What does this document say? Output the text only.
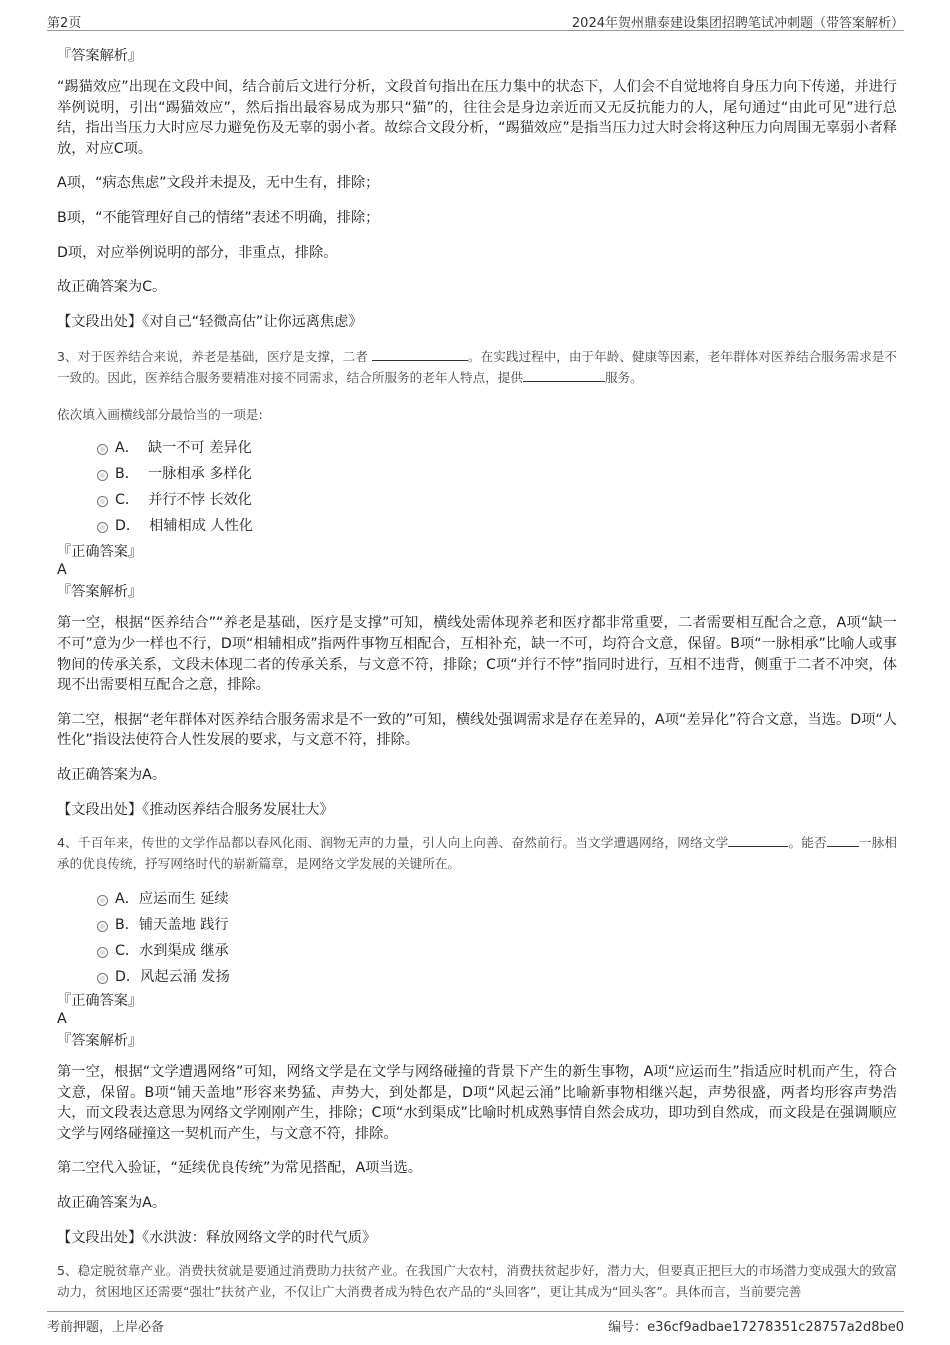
第2页	2024年贺州鼎泰建设集团招聘笔试冲刺题（带答案解析）

『答案解析』

“踢猫效应”出现在文段中间，结合前后文进行分析，文段首句指出在压力集中的状态下，人们会不自觉地将自身压力向下传递，并进行举例说明，引出“踢猫效应”，然后指出最容易成为那只“猫”的，往往会是身边亲近而又无反抗能力的人，尾句通过“由此可见”进行总结，指出当压力大时应尽力避免伤及无辜的弱小者。故综合文段分析，“踢猫效应”是指当压力过大时会将这种压力向周围无辜弱小者释放，对应C项。

A项，“病态焦虑”文段并未提及，无中生有，排除；

B项，“不能管理好自己的情绪”表述不明确，排除；

D项，对应举例说明的部分，非重点，排除。

故正确答案为C。

【文段出处】《对自己“轻微高估”让你远离焦虑》

3、对于医养结合来说，养老是基础，医疗是支撑，二者	。在实践过程中，由于年龄、健康等因素，老年群体对医养结合服务需求是不一致的。因此，医养结合服务要精准对接不同需求，结合所服务的老年人特点，提供	服务。

依次填入画横线部分最恰当的一项是:

A． 缺一不可 差异化
B． 一脉相承 多样化
C． 并行不悖 长效化
D． 相辅相成 人性化

『正确答案』

A

『答案解析』

第一空，根据“医养结合”“养老是基础，医疗是支撑”可知，横线处需体现养老和医疗都非常重要，二者需要相互配合之意，A项“缺一不可”意为少一样也不行，D项“相辅相成”指两件事物互相配合，互相补充，缺一不可，均符合文意，保留。B项“一脉相承”比喻人或事物间的传承关系，文段未体现二者的传承关系，与文意不符，排除；C项“并行不悖”指同时进行，互相不违背，侧重于二者不冲突，体现不出需要相互配合之意，排除。

第二空，根据“老年群体对医养结合服务需求是不一致的”可知，横线处强调需求是存在差异的，A项“差异化”符合文意，当选。D项“人性化”指设法使符合人性发展的要求，与文意不符，排除。

故正确答案为A。

【文段出处】《推动医养结合服务发展壮大》

4、千百年来，传世的文学作品都以春风化雨、润物无声的力量，引人向上向善、奋然前行。当文学遭遇网络，网络文学	。能否	一脉相承的优良传统，抒写网络时代的崭新篇章，是网络文学发展的关键所在。

A．应运而生 延续
B．铺天盖地 践行
C．水到渠成 继承
D．风起云涌 发扬

『正确答案』

A

『答案解析』

第一空，根据“文学遭遇网络”可知，网络文学是在文学与网络碰撞的背景下产生的新生事物，A项“应运而生”指适应时机而产生，符合文意，保留。B项“铺天盖地”形容来势猛、声势大，到处都是，D项“风起云涌”比喻新事物相继兴起，声势很盛，两者均形容声势浩大，而文段表达意思为网络文学刚刚产生，排除；C项“水到渠成”比喻时机成熟事情自然会成功，即功到自然成，而文段是在强调顺应文学与网络碰撞这一契机而产生，与文意不符，排除。

第二空代入验证，“延续优良传统”为常见搭配，A项当选。

故正确答案为A。

【文段出处】《水洪波：释放网络文学的时代气质》

5、稳定脱贫靠产业。消费扶贫就是要通过消费助力扶贫产业。在我国广大农村，消费扶贫起步好，潜力大，但要真正把巨大的市场潜力变成强大的致富动力，贫困地区还需要“强壮”扶贫产业，不仅让广大消费者成为特色农产品的“头回客”，更让其成为“回头客”。具体而言，当前要完善

考前押题，上岸必备	编号：e36cf9adbae17278351c28757a2d8be0
